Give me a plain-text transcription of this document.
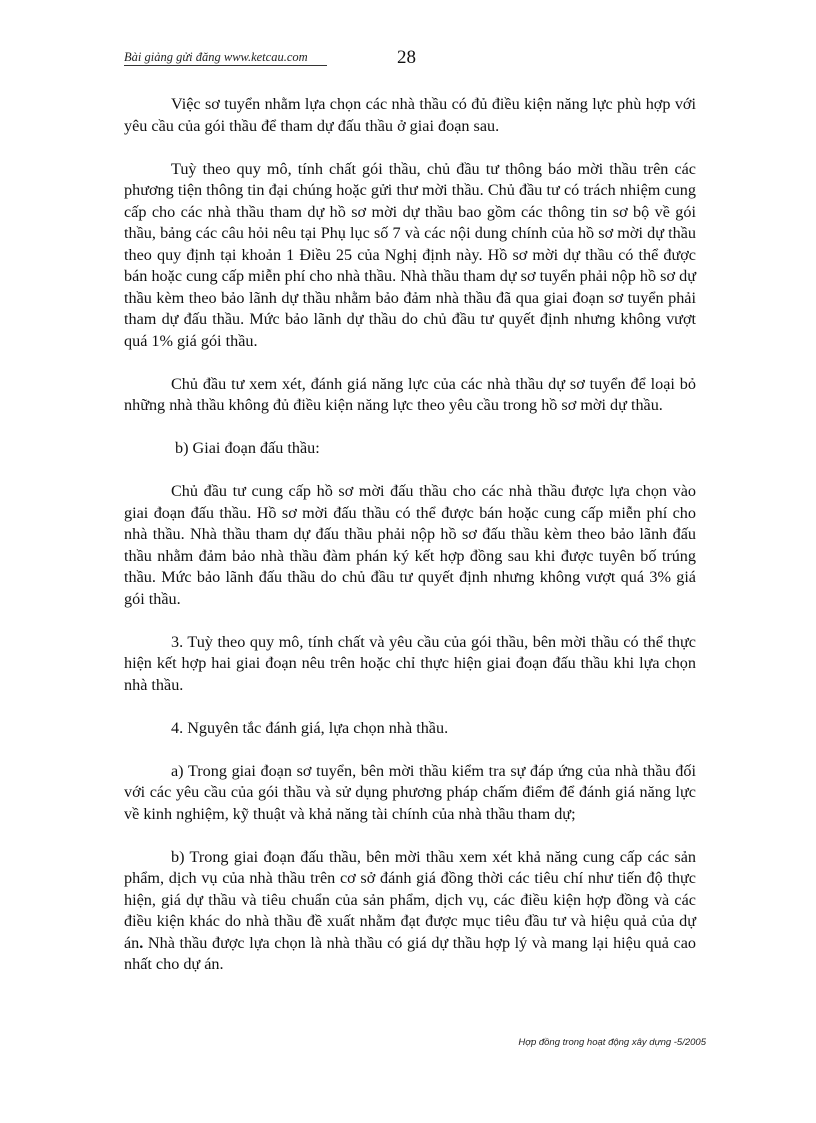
Bài giảng gửi đăng www.ketcau.com	28

Việc sơ tuyển nhằm lựa chọn các nhà thầu có đủ điều kiện năng lực phù hợp với yêu cầu của gói thầu để tham dự đấu thầu ở giai đoạn sau.

Tuỳ theo quy mô, tính chất gói thầu, chủ đầu tư thông báo mời thầu trên các phương tiện thông tin đại chúng hoặc gửi thư mời thầu. Chủ đầu tư có trách nhiệm cung cấp cho các nhà thầu tham dự hồ sơ mời dự thầu bao gồm các thông tin sơ bộ về gói thầu, bảng các câu hỏi nêu tại Phụ lục số 7 và các nội dung chính của hồ sơ mời dự thầu theo quy định tại khoản 1 Điều 25 của Nghị định này. Hồ sơ mời dự thầu có thể được bán hoặc cung cấp miễn phí cho nhà thầu. Nhà thầu tham dự sơ tuyển phải nộp hồ sơ dự thầu kèm theo bảo lãnh dự thầu nhằm bảo đảm nhà thầu đã qua giai đoạn sơ tuyển phải tham dự đấu thầu. Mức bảo lãnh dự thầu do chủ đầu tư quyết định nhưng không vượt quá 1% giá gói thầu.

Chủ đầu tư xem xét, đánh giá năng lực của các nhà thầu dự sơ tuyển để loại bỏ những nhà thầu không đủ điều kiện năng lực theo yêu cầu trong hồ sơ mời dự thầu.

b) Giai đoạn đấu thầu:

Chủ đầu tư cung cấp hồ sơ mời đấu thầu cho các nhà thầu được lựa chọn vào giai đoạn đấu thầu. Hồ sơ mời đấu thầu có thể được bán hoặc cung cấp miễn phí cho nhà thầu. Nhà thầu tham dự đấu thầu phải nộp hồ sơ đấu thầu kèm theo bảo lãnh đấu thầu nhằm đảm bảo nhà thầu đàm phán ký kết hợp đồng sau khi được tuyên bố trúng thầu. Mức bảo lãnh đấu thầu do chủ đầu tư quyết định nhưng không vượt quá 3% giá gói thầu.

3. Tuỳ theo quy mô, tính chất và yêu cầu của gói thầu, bên mời thầu có thể thực hiện kết hợp hai giai đoạn nêu trên hoặc chỉ thực hiện giai đoạn đấu thầu khi lựa chọn nhà thầu.

4. Nguyên tắc đánh giá, lựa chọn nhà thầu.

a) Trong giai đoạn sơ tuyển, bên mời thầu kiểm tra sự đáp ứng của nhà thầu đối với các yêu cầu của gói thầu và sử dụng phương pháp chấm điểm để đánh giá năng lực về kinh nghiệm, kỹ thuật và khả năng tài chính của nhà thầu tham dự;

b) Trong giai đoạn đấu thầu, bên mời thầu xem xét khả năng cung cấp các sản phẩm, dịch vụ của nhà thầu trên cơ sở đánh giá đồng thời các tiêu chí như tiến độ thực hiện, giá dự thầu và tiêu chuẩn của sản phẩm, dịch vụ, các điều kiện hợp đồng và các điều kiện khác do nhà thầu đề xuất nhằm đạt được mục tiêu đầu tư và hiệu quả của dự án. Nhà thầu được lựa chọn là nhà thầu có giá dự thầu hợp lý và mang lại hiệu quả cao nhất cho dự án.

Hợp đồng trong hoạt động xây dựng -5/2005
